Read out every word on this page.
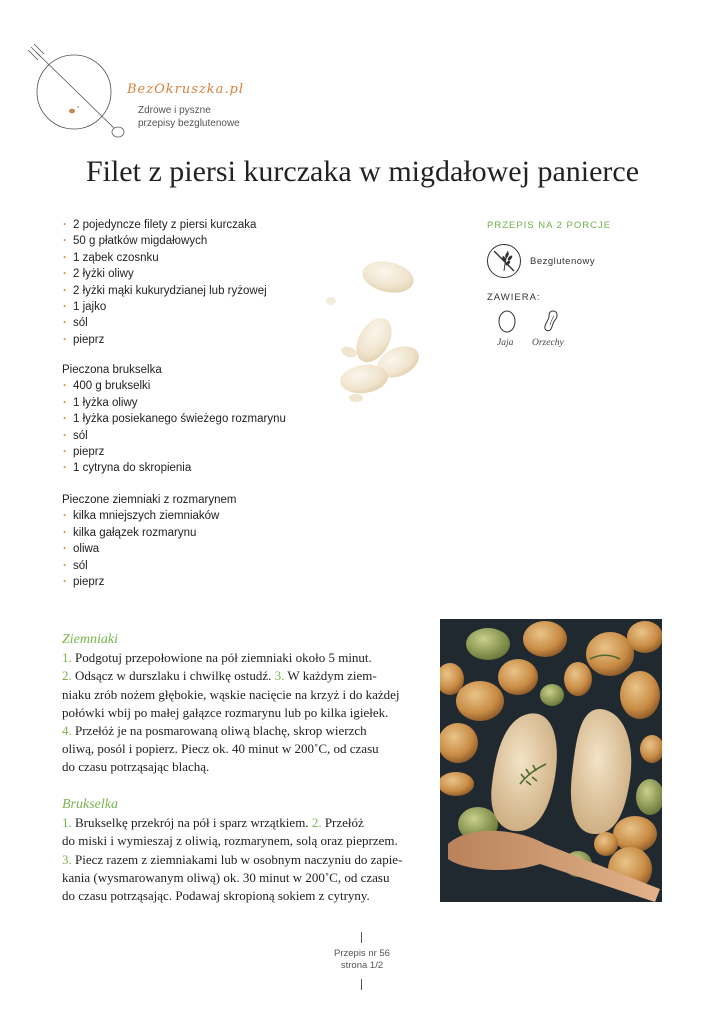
BezOkruszka.pl
Zdrowe i pyszne
przepisy bezglutenowe
Filet z piersi kurczaka w migdałowej panierce
· 2 pojedyncze filety z piersi kurczaka
· 50 g płatków migdałowych
· 1 ząbek czosnku
· 2 łyżki oliwy
· 2 łyżki mąki kukurydzianej lub ryżowej
· 1 jajko
· sól
· pieprz
Pieczona brukselka
· 400 g brukselki
· 1 łyżka oliwy
· 1 łyżka posiekanego świeżego rozmarynu
· sól
· pieprz
· 1 cytryna do skropienia
Pieczone ziemniaki z rozmarynem
· kilka mniejszych ziemniaków
· kilka gałązek rozmarynu
· oliwa
· sól
· pieprz
PRZEPIS NA 2 PORCJE
Bezglutenowy
ZAWIERA:
Jaja Orzechy
Ziemniaki
1. Podgotuj przepołowione na pół ziemniaki około 5 minut.
2. Odsącz w durszlaku i chwilkę ostudź. 3. W każdym ziem-
niaku zrób nożem głębokie, wąskie nacięcie na krzyż i do każdej
połówki wbij po małej gałązce rozmarynu lub po kilka igiełek.
4. Przełóż je na posmarowaną oliwą blachę, skrop wierzch
oliwą, posól i popierz. Piecz ok. 40 minut w 200˚C, od czasu
do czasu potrząsając blachą.
Brukselka
1. Brukselkę przekrój na pół i sparz wrzątkiem. 2. Przełóż
do miski i wymieszaj z oliwią, rozmarynem, solą oraz pieprzem.
3. Piecz razem z ziemniakami lub w osobnym naczyniu do zapie-
kania (wysmarowanym oliwą) ok. 30 minut w 200˚C, od czasu
do czasu potrząsając. Podawaj skropioną sokiem z cytryny.
Przepis nr 56
strona 1/2
